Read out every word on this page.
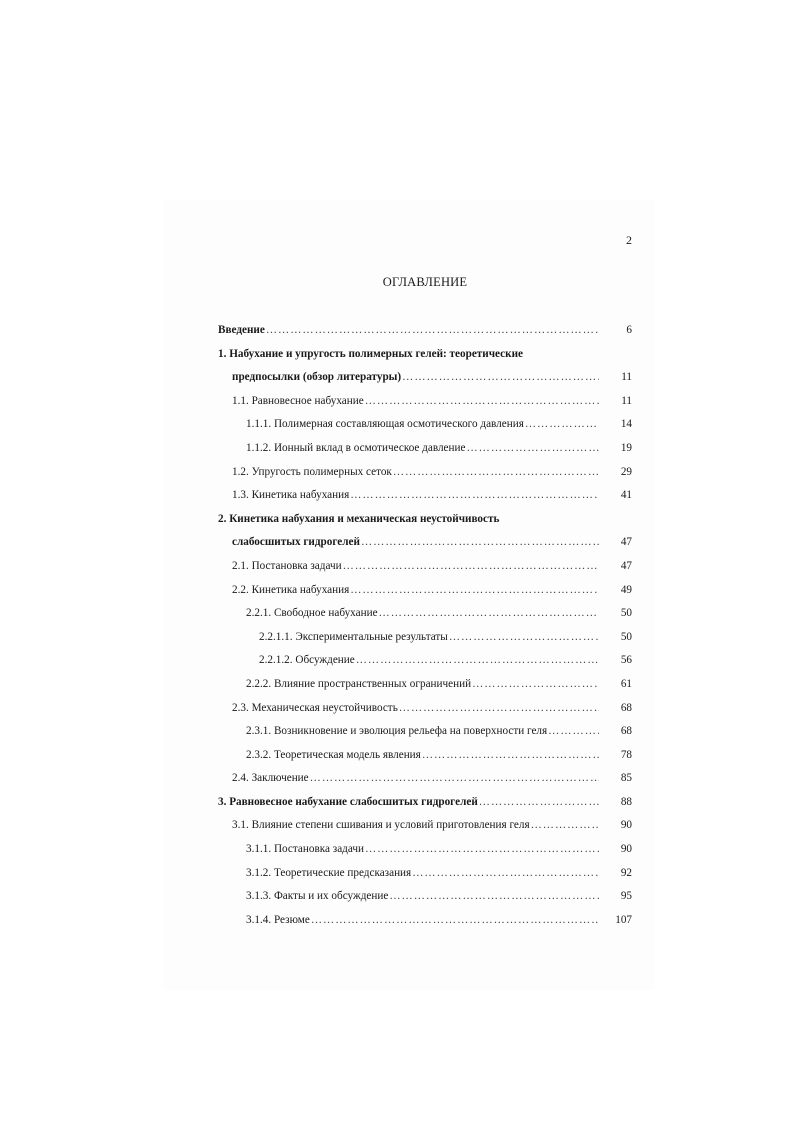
2
ОГЛАВЛЕНИЕ
Введение …………………………………………………………………………………………………………………………………………………………	6
1. Набухание и упругость полимерных гелей: теоретические
предпосылки (обзор литературы) …………………………………………………………………………………………………………………………………………………………	11
1.1. Равновесное набухание …………………………………………………………………………………………………………………………………………………………	11
1.1.1. Полимерная составляющая осмотического давления …………………………………………………………………………………………………………………………………………………………	14
1.1.2. Ионный вклад в осмотическое давление …………………………………………………………………………………………………………………………………………………………	19
1.2. Упругость полимерных сеток …………………………………………………………………………………………………………………………………………………………	29
1.3. Кинетика набухания …………………………………………………………………………………………………………………………………………………………	41
2. Кинетика набухания и механическая неустойчивость
слабосшитых гидрогелей …………………………………………………………………………………………………………………………………………………………	47
2.1. Постановка задачи …………………………………………………………………………………………………………………………………………………………	47
2.2. Кинетика набухания …………………………………………………………………………………………………………………………………………………………	49
2.2.1. Свободное набухание …………………………………………………………………………………………………………………………………………………………	50
2.2.1.1. Экспериментальные результаты …………………………………………………………………………………………………………………………………………………………	50
2.2.1.2. Обсуждение …………………………………………………………………………………………………………………………………………………………	56
2.2.2. Влияние пространственных ограничений …………………………………………………………………………………………………………………………………………………………	61
2.3. Механическая неустойчивость …………………………………………………………………………………………………………………………………………………………	68
2.3.1. Возникновение и эволюция рельефа на поверхности геля …………………………………………………………………………………………………………………………………………………………	68
2.3.2. Теоретическая модель явления …………………………………………………………………………………………………………………………………………………………	78
2.4. Заключение …………………………………………………………………………………………………………………………………………………………	85
3. Равновесное набухание слабосшитых гидрогелей …………………………………………………………………………………………………………………………………………………………	88
3.1. Влияние степени сшивания и условий приготовления геля …………………………………………………………………………………………………………………………………………………………	90
3.1.1. Постановка задачи …………………………………………………………………………………………………………………………………………………………	90
3.1.2. Теоретические предсказания …………………………………………………………………………………………………………………………………………………………	92
3.1.3. Факты и их обсуждение …………………………………………………………………………………………………………………………………………………………	95
3.1.4. Резюме …………………………………………………………………………………………………………………………………………………………	107
